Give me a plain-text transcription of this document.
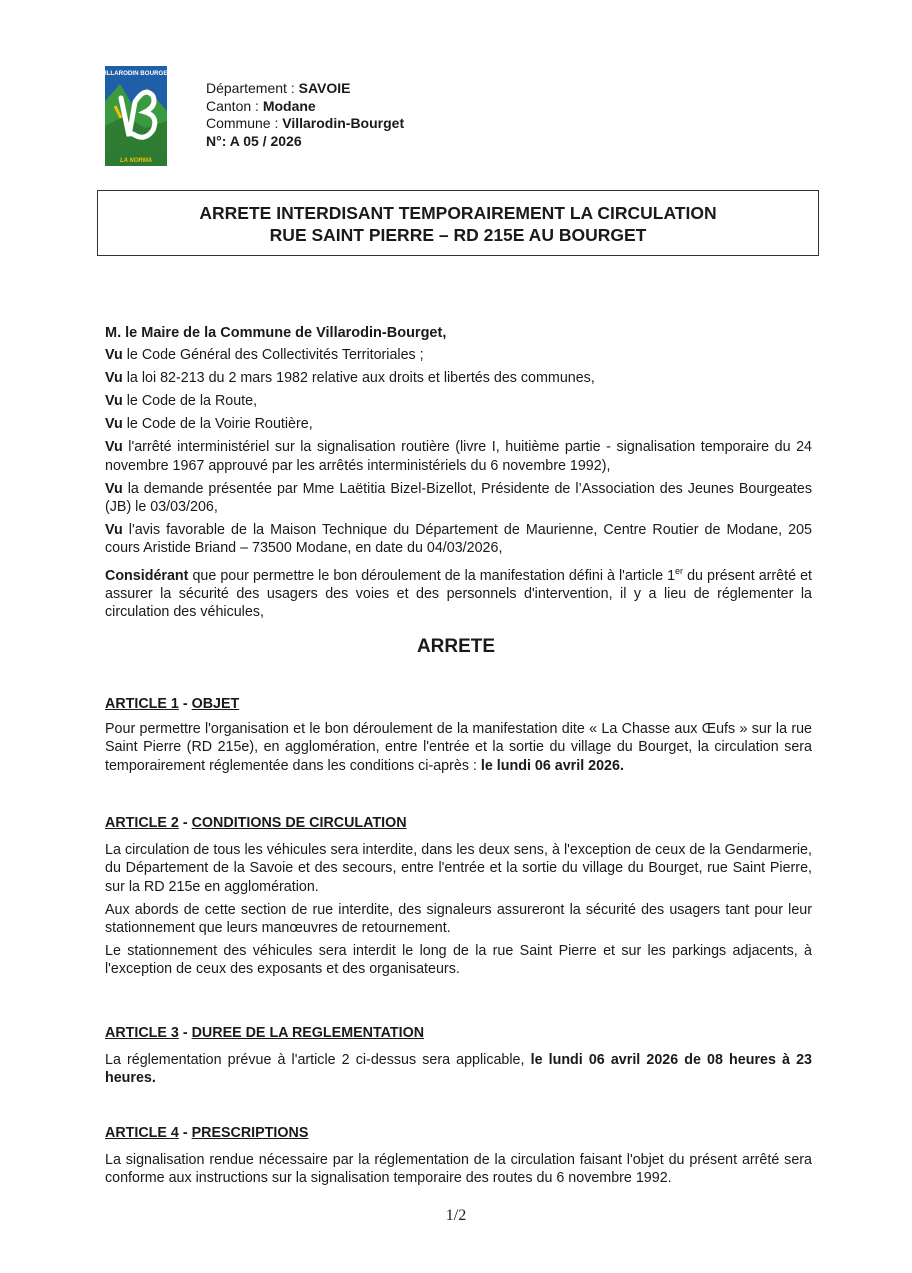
VILLARODIN BOURGET
LA NORMA
Département : SAVOIE
Canton : Modane
Commune : Villarodin-Bourget
N°: A 05 / 2026
ARRETE INTERDISANT TEMPORAIREMENT LA CIRCULATION
RUE SAINT PIERRE – RD 215E AU BOURGET
M. le Maire de la Commune de Villarodin-Bourget,

Vu le Code Général des Collectivités Territoriales ;

Vu la loi 82-213 du 2 mars 1982 relative aux droits et libertés des communes,

Vu le Code de la Route,

Vu le Code de la Voirie Routière,

Vu l'arrêté interministériel sur la signalisation routière (livre I, huitième partie - signalisation temporaire du 24 novembre 1967 approuvé par les arrêtés interministériels du 6 novembre 1992),

Vu la demande présentée par Mme Laëtitia Bizel-Bizellot, Présidente de l’Association des Jeunes Bourgeates (JB) le 03/03/206,

Vu l'avis favorable de la Maison Technique du Département de Maurienne, Centre Routier de Modane, 205 cours Aristide Briand – 73500 Modane, en date du 04/03/2026,

Considérant que pour permettre le bon déroulement de la manifestation défini à l'article 1er du présent arrêté et assurer la sécurité des usagers des voies et des personnels d'intervention, il y a lieu de réglementer la circulation des véhicules,

ARRETE
ARTICLE 1 - OBJET

Pour permettre l'organisation et le bon déroulement de la manifestation dite « La Chasse aux Œufs » sur la rue Saint Pierre (RD 215e), en agglomération, entre l'entrée et la sortie du village du Bourget, la circulation sera temporairement réglementée dans les conditions ci-après : le lundi 06 avril 2026.

ARTICLE 2 - CONDITIONS DE CIRCULATION

La circulation de tous les véhicules sera interdite, dans les deux sens, à l'exception de ceux de la Gendarmerie, du Département de la Savoie et des secours, entre l'entrée et la sortie du village du Bourget, rue Saint Pierre, sur la RD 215e en agglomération.

Aux abords de cette section de rue interdite, des signaleurs assureront la sécurité des usagers tant pour leur stationnement que leurs manœuvres de retournement.

Le stationnement des véhicules sera interdit le long de la rue Saint Pierre et sur les parkings adjacents, à l'exception de ceux des exposants et des organisateurs.

ARTICLE 3 - DUREE DE LA REGLEMENTATION

La réglementation prévue à l'article 2 ci-dessus sera applicable, le lundi 06 avril 2026 de 08 heures à 23 heures.

ARTICLE 4 - PRESCRIPTIONS

La signalisation rendue nécessaire par la réglementation de la circulation faisant l'objet du présent arrêté sera conforme aux instructions sur la signalisation temporaire des routes du 6 novembre 1992.

1/2
